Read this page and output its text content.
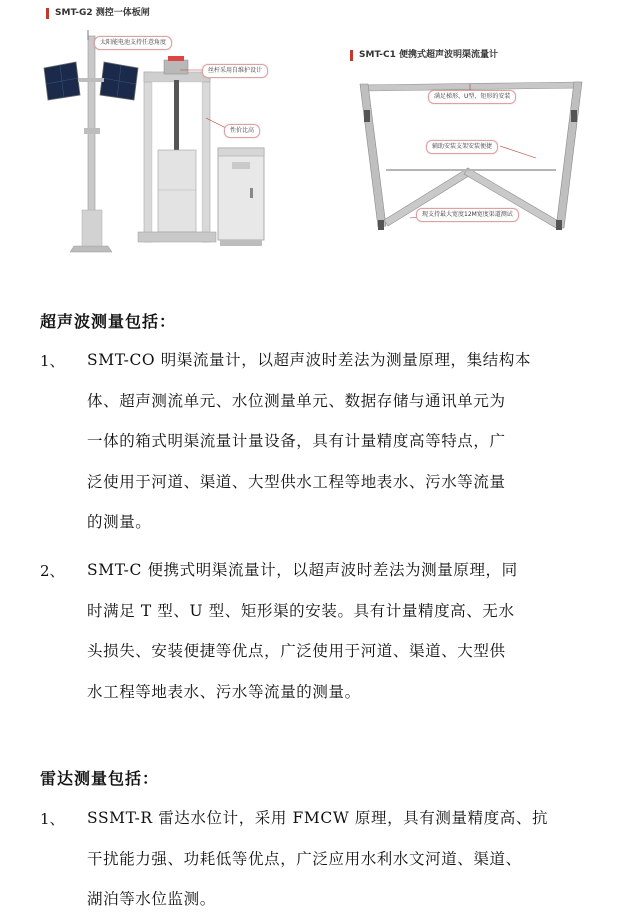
SMT-G2 测控一体板闸
太阳能电池支持任意角度
丝杆采用自维护设计
性价比高
SMT-C1 便携式超声波明渠流量计
满足梯形、U型、矩形的安装
辅助安装支架安装便捷
现支持最大宽度12M宽度渠道测试
超声波测量包括：
1、 SMT-CO 明渠流量计，以超声波时差法为测量原理，集结构本
体、超声测流单元、水位测量单元、数据存储与通讯单元为
一体的箱式明渠流量计量设备，具有计量精度高等特点，广
泛使用于河道、渠道、大型供水工程等地表水、污水等流量
的测量。
2、 SMT-C 便携式明渠流量计，以超声波时差法为测量原理，同
时满足 T 型、U 型、矩形渠的安装。具有计量精度高、无水
头损失、安装便捷等优点，广泛使用于河道、渠道、大型供
水工程等地表水、污水等流量的测量。
雷达测量包括：
1、 SSMT-R 雷达水位计，采用 FMCW 原理，具有测量精度高、抗
干扰能力强、功耗低等优点，广泛应用水利水文河道、渠道、
湖泊等水位监测。
